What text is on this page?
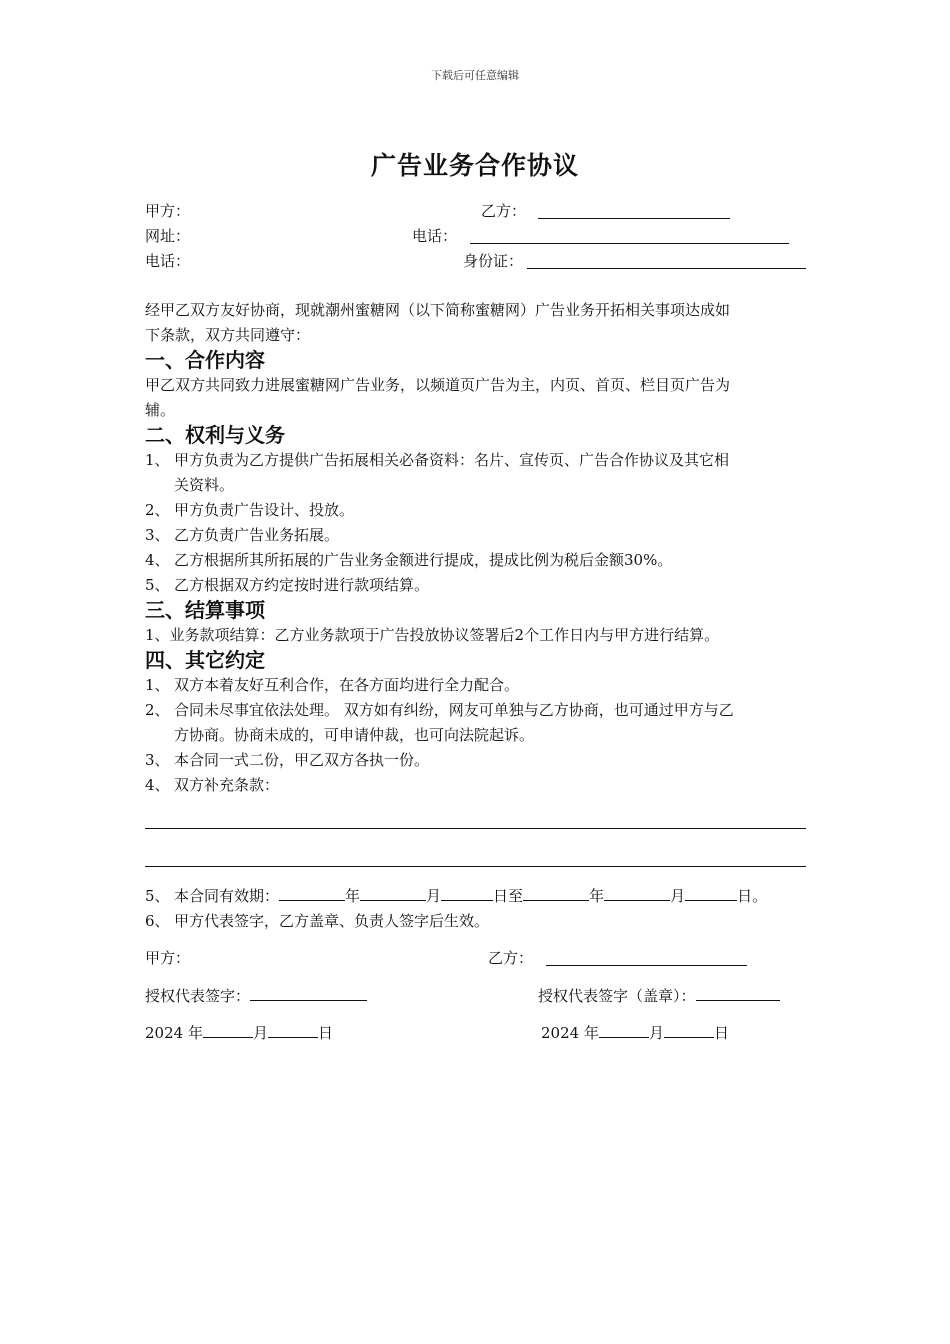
下载后可任意编辑
广告业务合作协议
甲方：	乙方：
网址：	电话：
电话：	身份证：
经甲乙双方友好协商，现就潮州蜜糖网（以下简称蜜糖网）广告业务开拓相关事项达成如
下条款，双方共同遵守：
一、合作内容
甲乙双方共同致力进展蜜糖网广告业务，以频道页广告为主，内页、首页、栏目页广告为
辅。
二、权利与义务
1、 甲方负责为乙方提供广告拓展相关必备资料：名片、宣传页、广告合作协议及其它相
关资料。
2、 甲方负责广告设计、投放。
3、 乙方负责广告业务拓展。
4、 乙方根据所其所拓展的广告业务金额进行提成，提成比例为税后金额30%。
5、 乙方根据双方约定按时进行款项结算。
三、结算事项
1、业务款项结算：乙方业务款项于广告投放协议签署后2个工作日内与甲方进行结算。
四、其它约定
1、 双方本着友好互利合作，在各方面均进行全力配合。
2、 合同未尽事宜依法处理。 双方如有纠纷，网友可单独与乙方协商，也可通过甲方与乙
方协商。协商未成的，可申请仲裁，也可向法院起诉。
3、 本合同一式二份，甲乙双方各执一份。
4、 双方补充条款：
5、 本合同有效期：	年	月	日至	年	月	日。
6、 甲方代表签字，乙方盖章、负责人签字后生效。
甲方：	乙方：
授权代表签字：	授权代表签字（盖章）：
2024 年	月	日	2024 年	月	日
